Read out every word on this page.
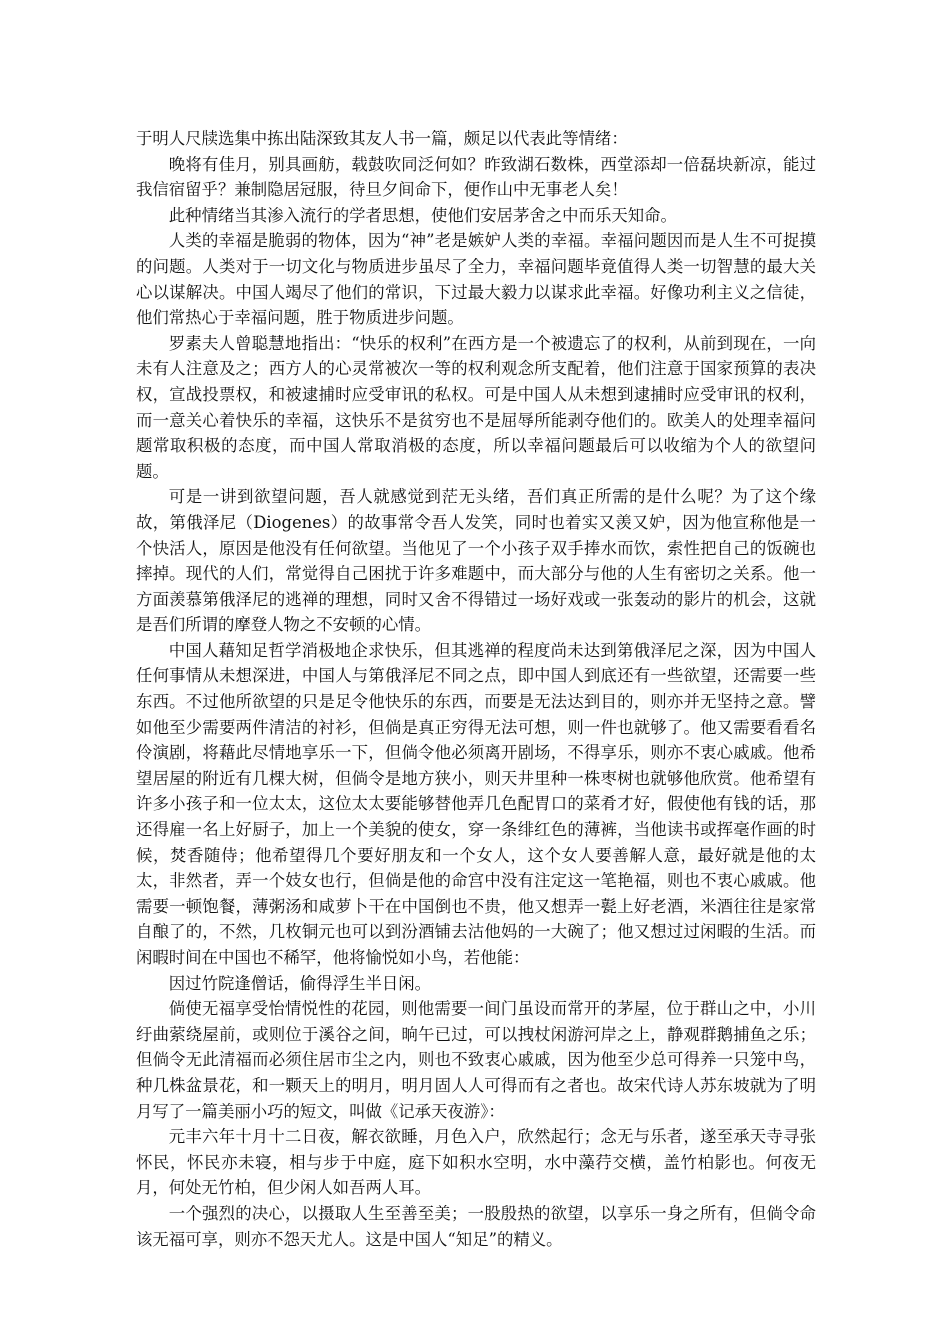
于明人尺牍选集中拣出陆深致其友人书一篇，颇足以代表此等情绪：

晚将有佳月，别具画舫，载鼓吹同泛何如？昨致湖石数株，西堂添却一倍磊块新凉，能过我信宿留乎？兼制隐居冠服，待旦夕间命下，便作山中无事老人矣！

此种情绪当其渗入流行的学者思想，使他们安居茅舍之中而乐天知命。

人类的幸福是脆弱的物体，因为“神”老是嫉妒人类的幸福。幸福问题因而是人生不可捉摸的问题。人类对于一切文化与物质进步虽尽了全力，幸福问题毕竟值得人类一切智慧的最大关心以谋解决。中国人竭尽了他们的常识，下过最大毅力以谋求此幸福。好像功利主义之信徒，他们常热心于幸福问题，胜于物质进步问题。

罗素夫人曾聪慧地指出：“快乐的权利”在西方是一个被遗忘了的权利，从前到现在，一向未有人注意及之；西方人的心灵常被次一等的权利观念所支配着，他们注意于国家预算的表决权，宣战投票权，和被逮捕时应受审讯的私权。可是中国人从未想到逮捕时应受审讯的权利，而一意关心着快乐的幸福，这快乐不是贫穷也不是屈辱所能剥夺他们的。欧美人的处理幸福问题常取积极的态度，而中国人常取消极的态度，所以幸福问题最后可以收缩为个人的欲望问题。

可是一讲到欲望问题，吾人就感觉到茫无头绪，吾们真正所需的是什么呢？为了这个缘故，第俄泽尼（Diogenes）的故事常令吾人发笑，同时也着实又羡又妒，因为他宣称他是一个快活人，原因是他没有任何欲望。当他见了一个小孩子双手捧水而饮，索性把自己的饭碗也摔掉。现代的人们，常觉得自己困扰于许多难题中，而大部分与他的人生有密切之关系。他一方面羡慕第俄泽尼的逃禅的理想，同时又舍不得错过一场好戏或一张轰动的影片的机会，这就是吾们所谓的摩登人物之不安顿的心情。

中国人藉知足哲学消极地企求快乐，但其逃禅的程度尚未达到第俄泽尼之深，因为中国人任何事情从未想深进，中国人与第俄泽尼不同之点，即中国人到底还有一些欲望，还需要一些东西。不过他所欲望的只是足令他快乐的东西，而要是无法达到目的，则亦并无坚持之意。譬如他至少需要两件清洁的衬衫，但倘是真正穷得无法可想，则一件也就够了。他又需要看看名伶演剧，将藉此尽情地享乐一下，但倘令他必须离开剧场，不得享乐，则亦不衷心戚戚。他希望居屋的附近有几棵大树，但倘令是地方狭小，则天井里种一株枣树也就够他欣赏。他希望有许多小孩子和一位太太，这位太太要能够替他弄几色配胃口的菜肴才好，假使他有钱的话，那还得雇一名上好厨子，加上一个美貌的使女，穿一条绯红色的薄裤，当他读书或挥毫作画的时候，焚香随侍；他希望得几个要好朋友和一个女人，这个女人要善解人意，最好就是他的太太，非然者，弄一个妓女也行，但倘是他的命宫中没有注定这一笔艳福，则也不衷心戚戚。他需要一顿饱餐，薄粥汤和咸萝卜干在中国倒也不贵，他又想弄一甏上好老酒，米酒往往是家常自酿了的，不然，几枚铜元也可以到汾酒铺去沽他妈的一大碗了；他又想过过闲暇的生活。而闲暇时间在中国也不稀罕，他将愉悦如小鸟，若他能：

因过竹院逢僧话，偷得浮生半日闲。

倘使无福享受怡情悦性的花园，则他需要一间门虽设而常开的茅屋，位于群山之中，小川纡曲萦绕屋前，或则位于溪谷之间，晌午已过，可以拽杖闲游河岸之上，静观群鹅捕鱼之乐；但倘令无此清福而必须住居市尘之内，则也不致衷心戚戚，因为他至少总可得养一只笼中鸟，种几株盆景花，和一颗天上的明月，明月固人人可得而有之者也。故宋代诗人苏东坡就为了明月写了一篇美丽小巧的短文，叫做《记承天夜游》：

元丰六年十月十二日夜，解衣欲睡，月色入户，欣然起行；念无与乐者，遂至承天寺寻张怀民，怀民亦未寝，相与步于中庭，庭下如积水空明，水中藻荇交横，盖竹柏影也。何夜无月，何处无竹柏，但少闲人如吾两人耳。

一个强烈的决心，以摄取人生至善至美；一股殷热的欲望，以享乐一身之所有，但倘令命该无福可享，则亦不怨天尤人。这是中国人“知足”的精义。
